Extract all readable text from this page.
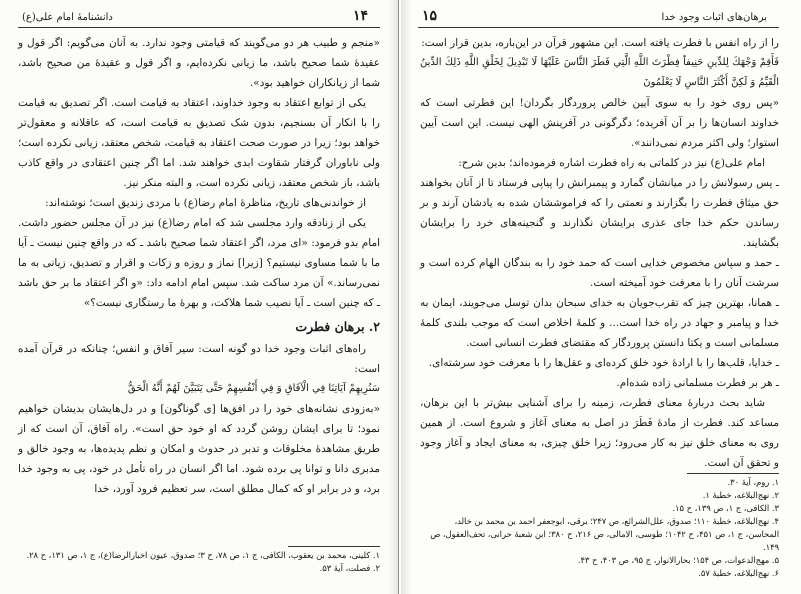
دانشنامهٔ امام علی(ع)	۱۴

«منجم و طبیب هر دو می‌گویند که قیامتی وجود ندارد. به آنان می‌گویم: اگر قول و عقیدهٔ شما صحیح باشد، ما زیانی نکرده‌ایم، و اگر قول و عقیدهٔ من صحیح باشد، شما از زیانکاران خواهید بود».

یکی از توابع اعتقاد به وجود خداوند، اعتقاد به قیامت است. اگر تصدیق به قیامت را با انکار آن بسنجیم، بدون شک تصدیق به قیامت است، که عاقلانه و معقول‌تر خواهد بود؛ زیرا در صورت صحت اعتقاد به قیامت، شخص معتقد، زیانی نکرده است؛ ولی ناباوران گرفتار شقاوت ابدی خواهند شد. اما اگر چنین اعتقادی در واقع کاذب باشد، باز شخص معتقد، زیانی نکرده است، و البته منکر نیز.

از خواندنی‌های تاریخ، مناظرهٔ امام رضا(ع) با مردی زندیق است؛ نوشته‌اند:

یکی از زنادقه وارد مجلسی شد که امام رضا(ع) نیز در آن مجلس حضور داشت. امام بدو فرمود: «ای مرد، اگر اعتقاد شما صحیح باشد ـ که در واقع چنین نیست ـ آیا ما با شما مساوی نیستیم؟ [زیرا] نماز و روزه و زکات و اقرار و تصدیق، زیانی به ما نمی‌رساند.» آن مرد ساکت شد. سپس امام ادامه داد: «و اگر اعتقاد ما بر حق باشد ـ که چنین است ـ آیا نصیب شما هلاکت، و بهرهٔ ما رستگاری نیست؟»

۲. برهان فطرت

راه‌های اثبات وجود خدا دو گونه است: سیر آفاق و انفس؛ چنانکه در قرآن آمده است:

سَنُرِيهِمْ آيَاتِنَا فِي الْآفَاقِ وَ فِي أَنْفُسِهِمْ حَتَّى يَتَبَيَّنَ لَهُمْ أَنَّهُ الْحَقُّ

«به‌زودی نشانه‌های خود را در افق‌ها [ی گوناگون] و در دل‌هایشان بدیشان خواهیم نمود؛ تا برای ایشان روشن گردد که او خود حق است». راه آفاق، آن است که از طریق مشاهدهٔ مخلوقات و تدبر در حدوث و امکان و نظم پدیده‌ها، به وجود خالق و مدبری دانا و توانا پی برده شود. اما اگر انسان در راه تأمل در خود، پی به وجود خدا برد، و در برابر او که کمال مطلق است، سر تعظیم فرود آورد، خدا

۱. کلینی، محمد بن یعقوب، الکافی، ج ۱، ص ۷۸، ح ۳؛ صدوق، عیون اخبارالرضا(ع)، ج ۱، ص ۱۳۱، ح ۲۸.
۲. فصلت، آیهٔ ۵۳.
برهان‌های اثبات وجود خدا
۱۵

را از راه انفس با فطرت یافته است. این مشهور قرآن در این‌باره، بدین قرار است:

فَأَقِمْ وَجْهَكَ لِلدِّينِ حَنِيفاً فِطْرَتَ اللَّهِ الَّتِي فَطَرَ النَّاسَ عَلَيْهَا لَا تَبْدِيلَ لِخَلْقِ اللَّهِ ذَلِكَ الدِّينُ الْقَيِّمُ وَ لَكِنَّ أَكْثَرَ النَّاسِ لَا يَعْلَمُونَ

«پس روی خود را به سوی آیین خالص پروردگار بگردان! این فطرتی است که خداوند انسان‌ها را بر آن آفریده؛ دگرگونی در آفرینش الهی نیست. این است آیین استوار؛ ولی اکثر مردم نمی‌دانند».

امام علی(ع) نیز در کلماتی به راه فطرت اشاره فرموده‌اند؛ بدین شرح:

ـ پس رسولانش را در میانشان گمارد و پیمبرانش را پیاپی فرستاد تا از آنان بخواهند حق میثاق فطرت را بگزارند و نعمتی را که فراموششان شده به یادشان آرند و بر رساندن حکم خدا جای عذری برایشان نگذارند و گنجینه‌های خرد را برایشان بگشایند.

ـ حمد و سپاس مخصوص خدایی است که حمد خود را به بندگان الهام کرده است و سرشت آنان را با معرفت خود آمیخته است.

ـ همانا، بهترین چیز که تقرب‌جویان به خدای سبحان بدان توسل می‌جویند، ایمان به خدا و پیامبر و جهاد در راه خدا است... و کلمهٔ اخلاص است که موجب بلندی کلمهٔ مسلمانی است و یکتا دانستن پروردگار که مقتضای فطرت انسانی است.

ـ خدایا، قلب‌ها را با ارادهٔ خود خلق کرده‌ای و عقل‌ها را با معرفت خود سرشته‌ای.

ـ هر بر فطرت مسلمانی زاده شده‌ام.

شاید بحث دربارهٔ معنای فطرت، زمینه را برای آشنایی بیش‌تر با این برهان، مساعد کند. فطرت از مادهٔ فَطَرَ در اصل به معنای آغاز و شروع است. از همین روی به معنای خلق نیز به کار می‌رود؛ زیرا خلق چیزی، به معنای ایجاد و آغاز وجود و تحقق آن است.

۱. روم، آیهٔ ۳۰.
۲. نهج‌البلاغه، خطبهٔ ۱.
۳. الکافی، ج ۱، ص ۱۳۹، ح ۱۵.
۴. نهج‌البلاغه، خطبهٔ ۱۱۰؛ صدوق، علل‌الشرائع، ص ۲۴۷؛ برقی، ابوجعفر احمد بن محمد بن خالد، المحاسن، ج ۱، ص ۴۵۱، ح ۱۰۴۲؛ طوسی، الامالی، ص ۲۱۶، ح ۳۸۰؛ ابن شعبهٔ حرانی، تحف‌العقول، ص ۱۴۹.
۵. مهج‌الدعوات، ص ۱۵۴؛ بحارالانوار، ج ۹۵، ص ۴۰۳، ح ۴۳.
۶. نهج‌البلاغه، خطبهٔ ۵۷.
